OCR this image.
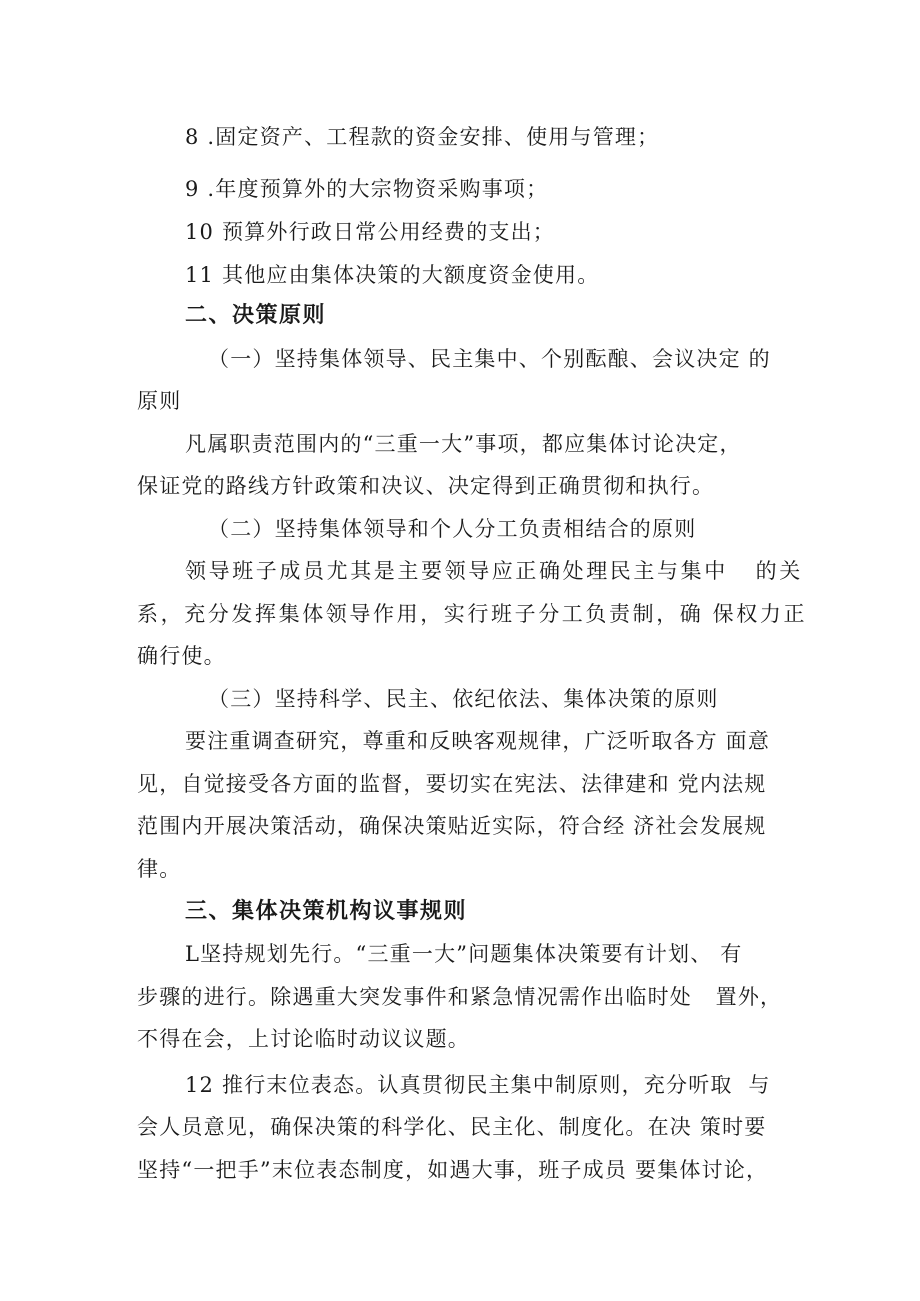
8 .固定资产、工程款的资金安排、使用与管理；
9 .年度预算外的大宗物资采购事项；
10 预算外行政日常公用经费的支出；
11 其他应由集体决策的大额度资金使用。
二、决策原则
（一）坚持集体领导、民主集中、个别酝酿、会议决定 的
原则
凡属职责范围内的“三重一大”事项，都应集体讨论决定，
保证党的路线方针政策和决议、决定得到正确贯彻和执行。
（二）坚持集体领导和个人分工负责相结合的原则
领导班子成员尤其是主要领导应正确处理民主与集中   的关
系，充分发挥集体领导作用，实行班子分工负责制，确 保权力正
确行使。
（三）坚持科学、民主、依纪依法、集体决策的原则
要注重调查研究，尊重和反映客观规律，广泛听取各方 面意
见，自觉接受各方面的监督，要切实在宪法、法律建和 党内法规
范围内开展决策活动，确保决策贴近实际，符合经 济社会发展规
律。
三、集体决策机构议事规则
L坚持规划先行。“三重一大”问题集体决策要有计划、 有
步骤的进行。除遇重大突发事件和紧急情况需作出临时处   置外，
不得在会，上讨论临时动议议题。
12 推行末位表态。认真贯彻民主集中制原则，充分听取  与
会人员意见，确保决策的科学化、民主化、制度化。在决 策时要
坚持“一把手”末位表态制度，如遇大事，班子成员 要集体讨论，
